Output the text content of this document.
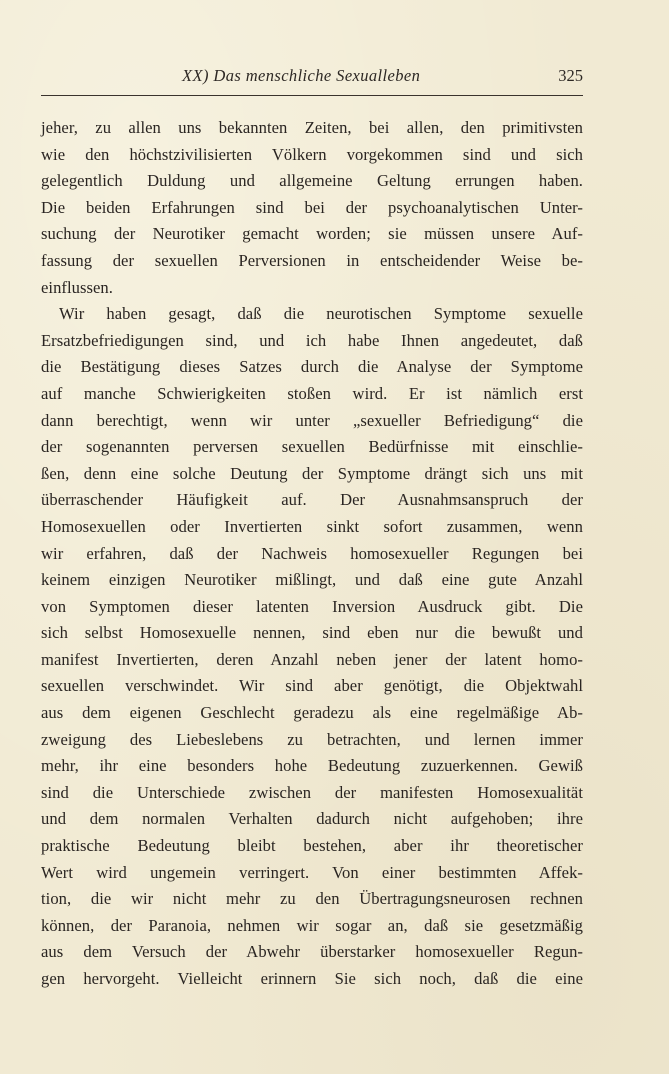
XX) Das menschliche Sexualleben	325
jeher, zu allen uns bekannten Zeiten, bei allen, den primitivsten
wie den höchstzivilisierten Völkern vorgekommen sind und sich
gelegentlich Duldung und allgemeine Geltung errungen haben.
Die beiden Erfahrungen sind bei der psychoanalytischen Unter-
suchung der Neurotiker gemacht worden; sie müssen unsere Auf-
fassung der sexuellen Perversionen in entscheidender Weise be-
einflussen.
Wir haben gesagt, daß die neurotischen Symptome sexuelle
Ersatzbefriedigungen sind, und ich habe Ihnen angedeutet, daß
die Bestätigung dieses Satzes durch die Analyse der Symptome
auf manche Schwierigkeiten stoßen wird. Er ist nämlich erst
dann berechtigt, wenn wir unter „sexueller Befriedigung“ die
der sogenannten perversen sexuellen Bedürfnisse mit einschlie-
ßen, denn eine solche Deutung der Symptome drängt sich uns mit
überraschender Häufigkeit auf. Der Ausnahmsanspruch der
Homosexuellen oder Invertierten sinkt sofort zusammen, wenn
wir erfahren, daß der Nachweis homosexueller Regungen bei
keinem einzigen Neurotiker mißlingt, und daß eine gute Anzahl
von Symptomen dieser latenten Inversion Ausdruck gibt. Die
sich selbst Homosexuelle nennen, sind eben nur die bewußt und
manifest Invertierten, deren Anzahl neben jener der latent homo-
sexuellen verschwindet. Wir sind aber genötigt, die Objektwahl
aus dem eigenen Geschlecht geradezu als eine regelmäßige Ab-
zweigung des Liebeslebens zu betrachten, und lernen immer
mehr, ihr eine besonders hohe Bedeutung zuzuerkennen. Gewiß
sind die Unterschiede zwischen der manifesten Homosexualität
und dem normalen Verhalten dadurch nicht aufgehoben; ihre
praktische Bedeutung bleibt bestehen, aber ihr theoretischer
Wert wird ungemein verringert. Von einer bestimmten Affek-
tion, die wir nicht mehr zu den Übertragungsneurosen rechnen
können, der Paranoia, nehmen wir sogar an, daß sie gesetzmäßig
aus dem Versuch der Abwehr überstarker homosexueller Regun-
gen hervorgeht. Vielleicht erinnern Sie sich noch, daß die eine
